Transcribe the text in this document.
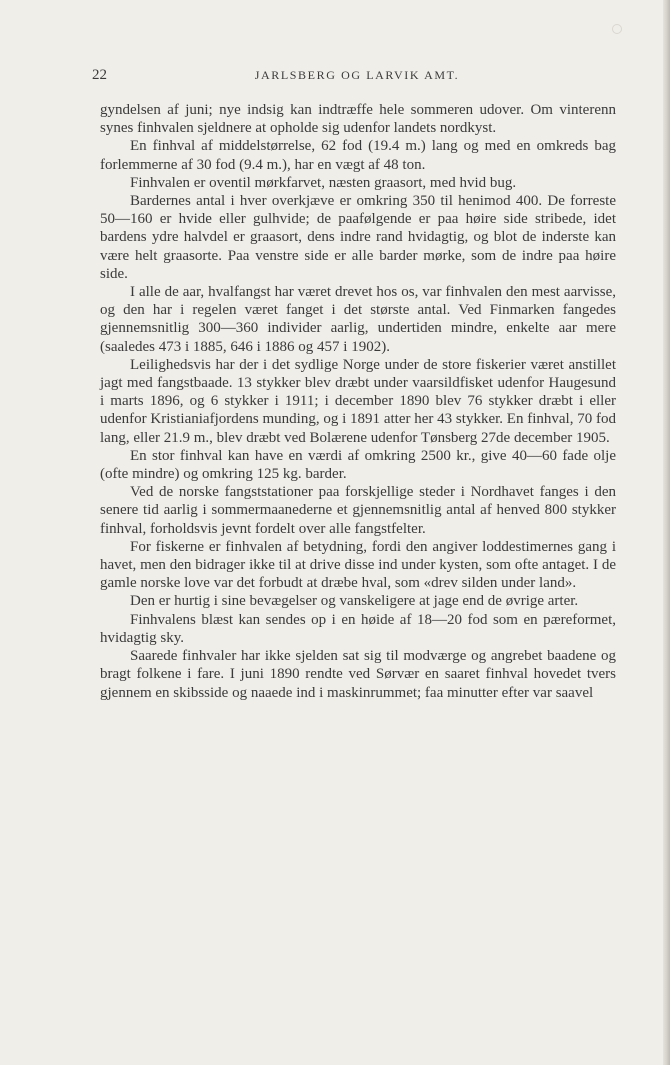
22	JARLSBERG OG LARVIK AMT.

gyndelsen af juni; nye indsig kan indtræffe hele sommeren udover. Om vinterenn synes finhvalen sjeldnere at opholde sig udenfor landets nordkyst.

En finhval af middelstørrelse, 62 fod (19.4 m.) lang og med en omkreds bag forlemmerne af 30 fod (9.4 m.), har en vægt af 48 ton.

Finhvalen er oventil mørkfarvet, næsten graasort, med hvid bug.

Bardernes antal i hver overkjæve er omkring 350 til henimod 400. De forreste 50—160 er hvide eller gulhvide; de paafølgende er paa høire side stribede, idet bardens ydre halvdel er graasort, dens indre rand hvidagtig, og blot de inderste kan være helt graasorte. Paa venstre side er alle barder mørke, som de indre paa høire side.

I alle de aar, hvalfangst har været drevet hos os, var finhvalen den mest aarvisse, og den har i regelen været fanget i det største antal. Ved Finmarken fangedes gjennemsnitlig 300—360 individer aarlig, undertiden mindre, enkelte aar mere (saaledes 473 i 1885, 646 i 1886 og 457 i 1902).

Leilighedsvis har der i det sydlige Norge under de store fiskerier været anstillet jagt med fangstbaade. 13 stykker blev dræbt under vaarsildfisket udenfor Haugesund i marts 1896, og 6 stykker i 1911; i december 1890 blev 76 stykker dræbt i eller udenfor Kristianiafjordens munding, og i 1891 atter her 43 stykker. En finhval, 70 fod lang, eller 21.9 m., blev dræbt ved Bolærene udenfor Tønsberg 27de december 1905.

En stor finhval kan have en værdi af omkring 2500 kr., give 40—60 fade olje (ofte mindre) og omkring 125 kg. barder.

Ved de norske fangststationer paa forskjellige steder i Nordhavet fanges i den senere tid aarlig i sommermaanederne et gjennemsnitlig antal af henved 800 stykker finhval, forholdsvis jevnt fordelt over alle fangstfelter.

For fiskerne er finhvalen af betydning, fordi den angiver loddestimernes gang i havet, men den bidrager ikke til at drive disse ind under kysten, som ofte antaget. I de gamle norske love var det forbudt at dræbe hval, som «drev silden under land».

Den er hurtig i sine bevægelser og vanskeligere at jage end de øvrige arter.

Finhvalens blæst kan sendes op i en høide af 18—20 fod som en pæreformet, hvidagtig sky.

Saarede finhvaler har ikke sjelden sat sig til modværge og angrebet baadene og bragt folkene i fare. I juni 1890 rendte ved Sørvær en saaret finhval hovedet tvers gjennem en skibsside og naaede ind i maskinrummet; faa minutter efter var saavel
